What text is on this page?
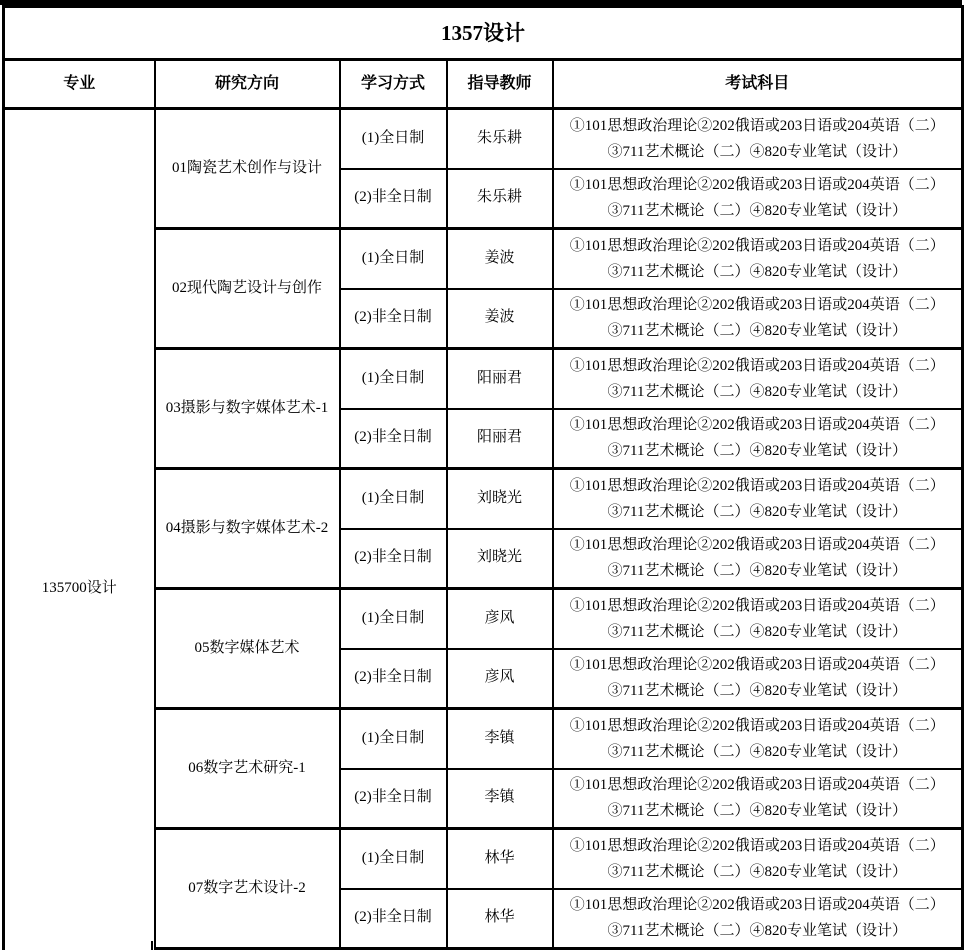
1357设计				
专业	研究方向	学习方式	指导教师	考试科目
135700设计	01陶瓷艺术创作与设计	(1)全日制	朱乐耕	①101思想政治理论②202俄语或203日语或204英语（二）
③711艺术概论（二）④820专业笔试（设计）

		(2)非全日制	朱乐耕	①101思想政治理论②202俄语或203日语或204英语（二）
③711艺术概论（二）④820专业笔试（设计）

	02现代陶艺设计与创作	(1)全日制	姜波	①101思想政治理论②202俄语或203日语或204英语（二）
③711艺术概论（二）④820专业笔试（设计）

		(2)非全日制	姜波	①101思想政治理论②202俄语或203日语或204英语（二）
③711艺术概论（二）④820专业笔试（设计）

	03摄影与数字媒体艺术-1	(1)全日制	阳丽君	①101思想政治理论②202俄语或203日语或204英语（二）
③711艺术概论（二）④820专业笔试（设计）

		(2)非全日制	阳丽君	①101思想政治理论②202俄语或203日语或204英语（二）
③711艺术概论（二）④820专业笔试（设计）

	04摄影与数字媒体艺术-2	(1)全日制	刘晓光	①101思想政治理论②202俄语或203日语或204英语（二）
③711艺术概论（二）④820专业笔试（设计）

		(2)非全日制	刘晓光	①101思想政治理论②202俄语或203日语或204英语（二）
③711艺术概论（二）④820专业笔试（设计）

	05数字媒体艺术	(1)全日制	彦风	①101思想政治理论②202俄语或203日语或204英语（二）
③711艺术概论（二）④820专业笔试（设计）

		(2)非全日制	彦风	①101思想政治理论②202俄语或203日语或204英语（二）
③711艺术概论（二）④820专业笔试（设计）

	06数字艺术研究-1	(1)全日制	李镇	①101思想政治理论②202俄语或203日语或204英语（二）
③711艺术概论（二）④820专业笔试（设计）

		(2)非全日制	李镇	①101思想政治理论②202俄语或203日语或204英语（二）
③711艺术概论（二）④820专业笔试（设计）

	07数字艺术设计-2	(1)全日制	林华	①101思想政治理论②202俄语或203日语或204英语（二）
③711艺术概论（二）④820专业笔试（设计）

		(2)非全日制	林华	①101思想政治理论②202俄语或203日语或204英语（二）
③711艺术概论（二）④820专业笔试（设计）
